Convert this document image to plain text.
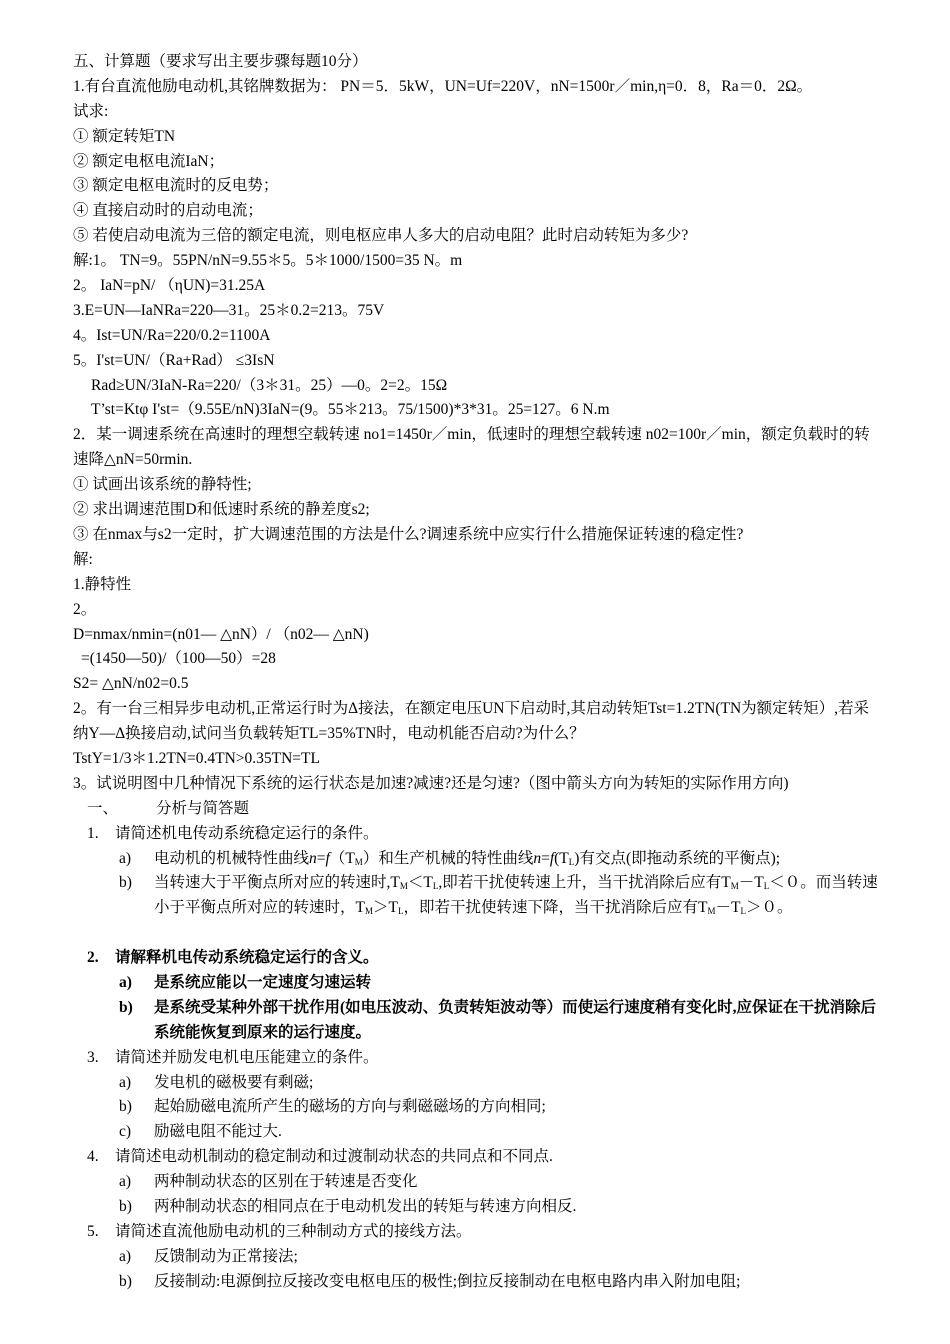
五、计算题（要求写出主要步骤每题10分）
1.有台直流他励电动机,其铭牌数据为： PN＝5．5kW，UN=Uf=220V，nN=1500r／min,η=0．8，Ra＝0．2Ω。
试求:
① 额定转矩TN
② 额定电枢电流IaN；
③ 额定电枢电流时的反电势；
④ 直接启动时的启动电流；
⑤ 若使启动电流为三倍的额定电流，则电枢应串人多大的启动电阻？此时启动转矩为多少?
解:1。 TN=9。55PN/nN=9.55＊5。5＊1000/1500=35 N。m
2。 IaN=pN/ （ηUN)=31.25A
3.E=UN—IaNRa=220—31。25＊0.2=213。75V
4。Ist=UN/Ra=220/0.2=1100A
5。I'st=UN/（Ra+Rad） ≤3IsN
Rad≥UN/3IaN-Ra=220/（3＊31。25）—0。2=2。15Ω
T’st=Ktφ I'st=（9.55E/nN)3IaN=(9。55＊213。75/1500)*3*31。25=127。6 N.m
2．某一调速系统在高速时的理想空载转速 no1=1450r／min，低速时的理想空载转速 n02=100r／min，额定负载时的转速降△nN=50rmin.
① 试画出该系统的静特性;
② 求出调速范围D和低速时系统的静差度s2;
③ 在nmax与s2一定时，扩大调速范围的方法是什么?调速系统中应实行什么措施保证转速的稳定性?
解:
1.静特性
2。
D=nmax/nmin=(n01— △nN）/ （n02— △nN)
=(1450—50)/（100—50）=28
S2= △nN/n02=0.5
2。有一台三相异步电动机,正常运行时为Δ接法，在额定电压UN下启动时,其启动转矩Tst=1.2TN(TN为额定转矩）,若采纳Y—Δ换接启动,试问当负载转矩TL=35%TN时，电动机能否启动?为什么？
TstY=1/3＊1.2TN=0.4TN>0.35TN=TL
3。试说明图中几种情况下系统的运行状态是加速?减速?还是匀速?（图中箭头方向为转矩的实际作用方向)
一、	分析与简答题
1.	请简述机电传动系统稳定运行的条件。
a)	电动机的机械特性曲线$n=f(T_M)$和生产机械的特性曲线$n=f(T_L)$有交点(即拖动系统的平衡点);
b)	当转速大于平衡点所对应的转速时$,T_M<T_L$,即若干扰使转速上升，当干扰消除后应有$T_M-T_L<0$。而当转速小于平衡点所对应的转速时，$T_M>T_L$，即若干扰使转速下降，当干扰消除后应有$T_M-T_L>0$。
2.	请解释机电传动系统稳定运行的含义。
a)	是系统应能以一定速度匀速运转
b)	是系统受某种外部干扰作用(如电压波动、负责转矩波动等）而使运行速度稍有变化时,应保证在干扰消除后系统能恢复到原来的运行速度。
3.	请简述并励发电机电压能建立的条件。
a)	发电机的磁极要有剩磁;
b)	起始励磁电流所产生的磁场的方向与剩磁磁场的方向相同;
c)	励磁电阻不能过大.
4.	请简述电动机制动的稳定制动和过渡制动状态的共同点和不同点.
a)	两种制动状态的区别在于转速是否变化
b)	两种制动状态的相同点在于电动机发出的转矩与转速方向相反.
5.	请简述直流他励电动机的三种制动方式的接线方法。
a)	反馈制动为正常接法;
b)	反接制动:电源倒拉反接改变电枢电压的极性;倒拉反接制动在电枢电路内串入附加电阻;
